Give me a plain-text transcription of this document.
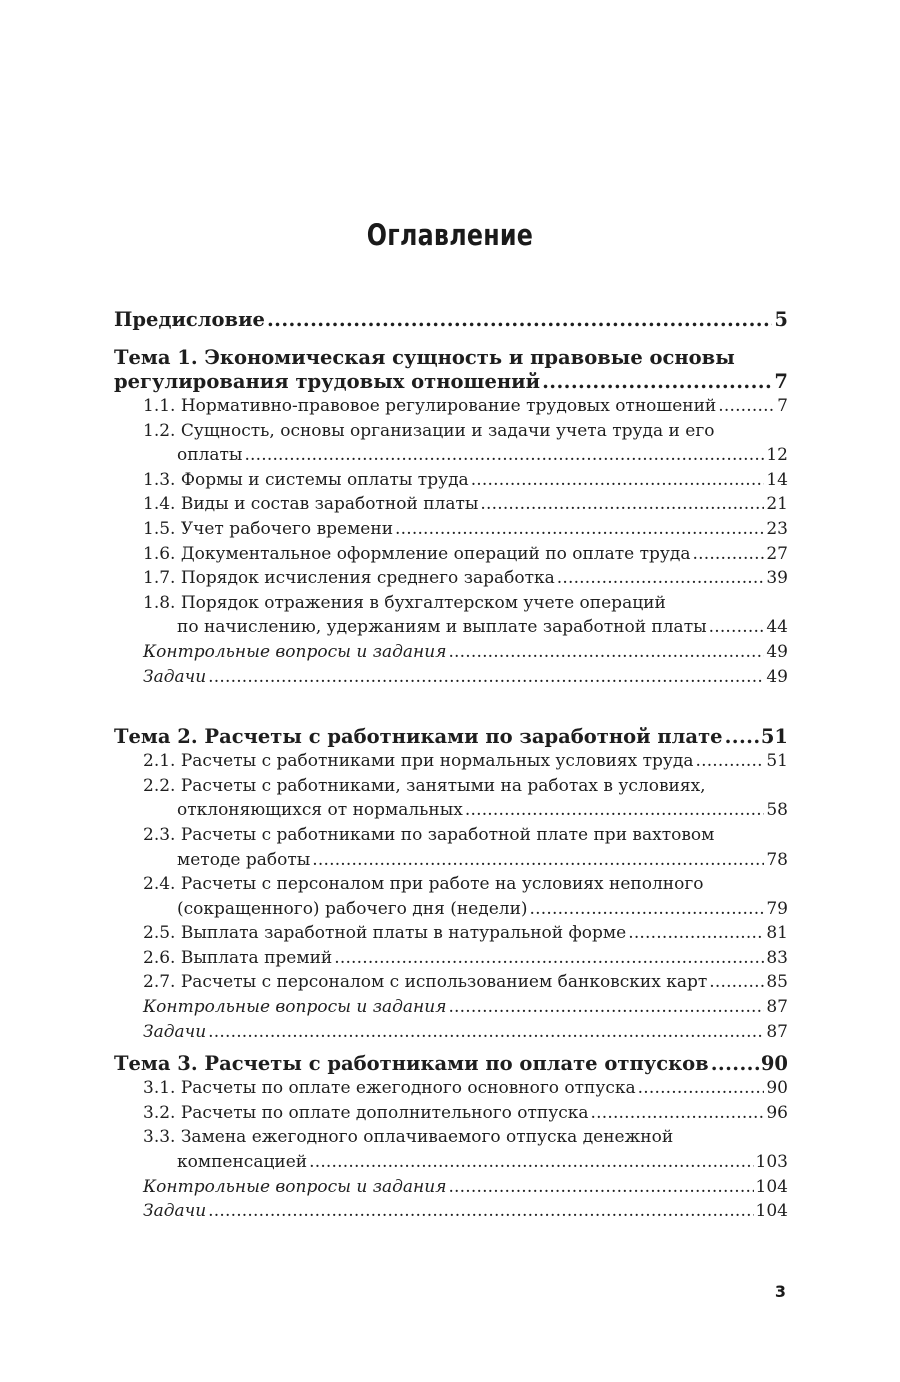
Оглавление
Предисловие .....	5
Тема 1. Экономическая сущность и правовые основы
регулирования трудовых отношений .....	7
1.1. Нормативно-правовое регулирование трудовых отношений .....	7
1.2. Сущность, основы организации и задачи учета труда и его
оплаты .....	12
1.3. Формы и системы оплаты труда .....	14
1.4. Виды и состав заработной платы .....	21
1.5. Учет рабочего времени .....	23
1.6. Документальное оформление операций по оплате труда .....	27
1.7. Порядок исчисления среднего заработка .....	39
1.8. Порядок отражения в бухгалтерском учете операций
по начислению, удержаниям и выплате заработной платы .....	44
Контрольные вопросы и задания .....	49
Задачи .....	49
Тема 2. Расчеты с работниками по заработной плате ..... 51
2.1. Расчеты с работниками при нормальных условиях труда .....	51
2.2. Расчеты с работниками, занятыми на работах в условиях,
отклоняющихся от нормальных .....	58
2.3. Расчеты с работниками по заработной плате при вахтовом
методе работы .....	78
2.4. Расчеты с персоналом при работе на условиях неполного
(сокращенного) рабочего дня (недели) .....	79
2.5. Выплата заработной платы в натуральной форме .....	81
2.6. Выплата премий .....	83
2.7. Расчеты с персоналом с использованием банковских карт .....	85
Контрольные вопросы и задания .....	87
Задачи .....	87
Тема 3. Расчеты с работниками по оплате отпусков .....	90
3.1. Расчеты по оплате ежегодного основного отпуска .....	90
3.2. Расчеты по оплате дополнительного отпуска .....	96
3.3. Замена ежегодного оплачиваемого отпуска денежной
компенсацией .....	103
Контрольные вопросы и задания .....	104
Задачи .....	104
3
